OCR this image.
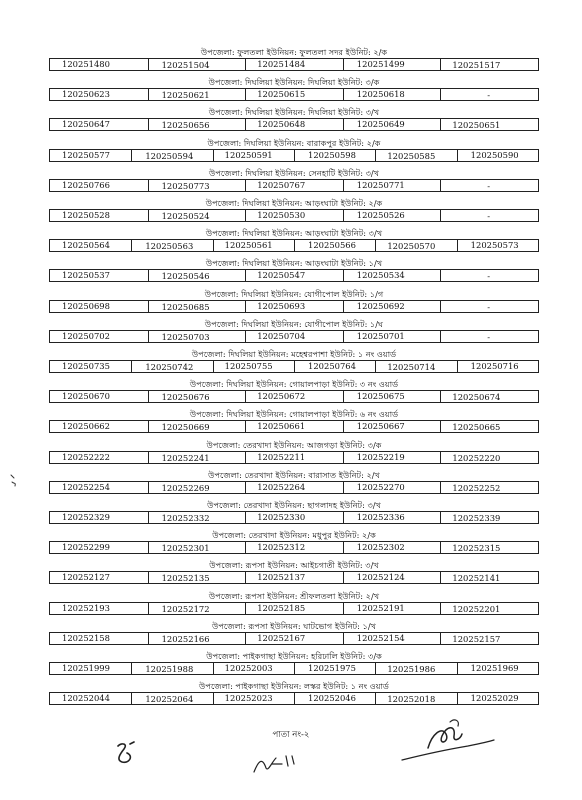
উপজেলা: ফুলতলা ইউনিয়ন: ফুলতলা সদর ইউনিট: ২/ক
120251480	120251504	120251484	120251499	120251517
উপজেলা: দিঘলিয়া ইউনিয়ন: দিঘলিয়া ইউনিট: ৩/ক
120250623	120250621	120250615	120250618	-
উপজেলা: দিঘলিয়া ইউনিয়ন: দিঘলিয়া ইউনিট: ৩/খ
120250647	120250656	120250648	120250649	120250651
উপজেলা: দিঘলিয়া ইউনিয়ন: বারাকপুর ইউনিট: ২/ক
120250577	120250594	120250591	120250598	120250585	120250590
উপজেলা: দিঘলিয়া ইউনিয়ন: সেনহাটি ইউনিট: ৩/খ
120250766	120250773	120250767	120250771	-
উপজেলা: দিঘলিয়া ইউনিয়ন: আড়ংঘাটা ইউনিট: ২/ক
120250528	120250524	120250530	120250526	-
উপজেলা: দিঘলিয়া ইউনিয়ন: আড়ংঘাটা ইউনিট: ৩/খ
120250564	120250563	120250561	120250566	120250570	120250573
উপজেলা: দিঘলিয়া ইউনিয়ন: আড়ংঘাটা ইউনিট: ১/খ
120250537	120250546	120250547	120250534	-
উপজেলা: দিঘলিয়া ইউনিয়ন: যোগীপোল ইউনিট: ১/গ
120250698	120250685	120250693	120250692	-
উপজেলা: দিঘলিয়া ইউনিয়ন: যোগীপোল ইউনিট: ১/ঘ
120250702	120250703	120250704	120250701	-
উপজেলা: দিঘলিয়া ইউনিয়ন: মহেশ্বরপাশা ইউনিট: ১ নং ওয়ার্ড
120250735	120250742	120250755	120250764	120250714	120250716
উপজেলা: দিঘলিয়া ইউনিয়ন: গোয়ালপাড়া ইউনিট: ৩ নং ওয়ার্ড
120250670	120250676	120250672	120250675	120250674
উপজেলা: দিঘলিয়া ইউনিয়ন: গোয়ালপাড়া ইউনিট: ৬ নং ওয়ার্ড
120250662	120250669	120250661	120250667	120250665
উপজেলা: তেরখাদা ইউনিয়ন: আজগড়া ইউনিট: ৩/ক
120252222	120252241	120252211	120252219	120252220
উপজেলা: তেরখাদা ইউনিয়ন: বারাসাত ইউনিট: ২/খ
120252254	120252269	120252264	120252270	120252252
উপজেলা: তেরখাদা ইউনিয়ন: ছাগলাদহ ইউনিট: ৩/খ
120252329	120252332	120252330	120252336	120252339
উপজেলা: তেরখাদা ইউনিয়ন: মধুপুর ইউনিট: ২/ক
120252299	120252301	120252312	120252302	120252315
উপজেলা: রূপসা ইউনিয়ন: আইচগাতী ইউনিট: ৩/খ
120252127	120252135	120252137	120252124	120252141
উপজেলা: রূপসা ইউনিয়ন: শ্রীফলতলা ইউনিট: ২/খ
120252193	120252172	120252185	120252191	120252201
উপজেলা: রূপসা ইউনিয়ন: ঘাটভোগ ইউনিট: ১/খ
120252158	120252166	120252167	120252154	120252157
উপজেলা: পাইকগাছা ইউনিয়ন: হরিঢালি ইউনিট: ৩/ক
120251999	120251988	120252003	120251975	120251986	120251969
উপজেলা: পাইকগাছা ইউনিয়ন: লস্কর ইউনিট: ১ নং ওয়ার্ড
120252044	120252064	120252023	120252046	120252018	120252029
পাতা নং-২
